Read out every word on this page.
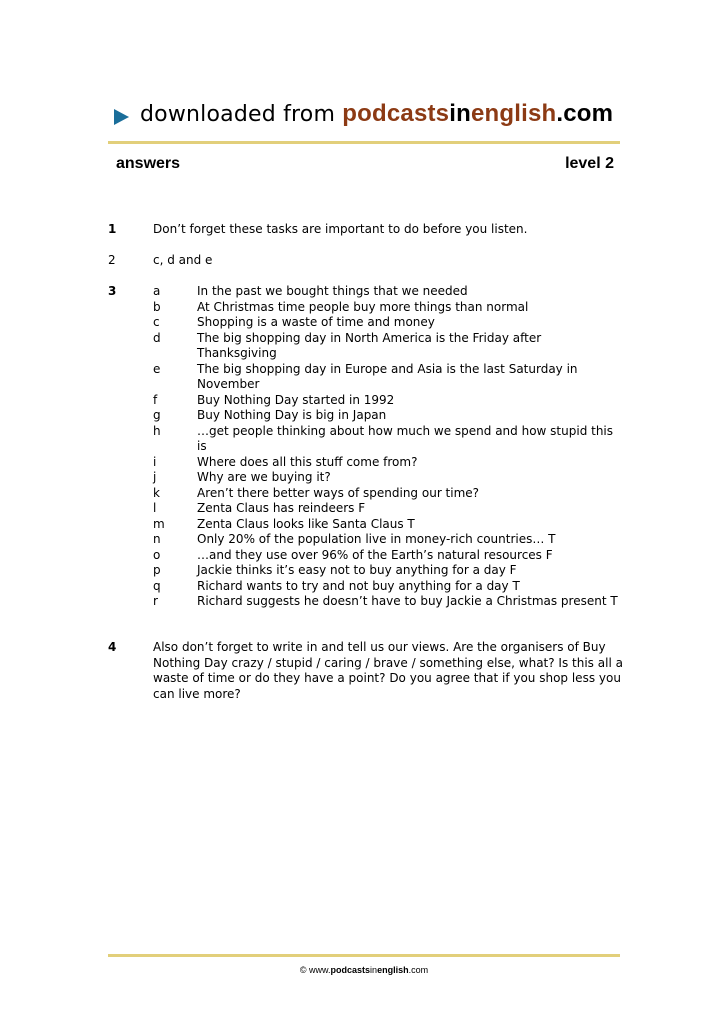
downloaded from podcastsinenglish.com
answers	level 2
1	Don’t forget these tasks are important to do before you listen.
2	c, d and e
3	a	In the past we bought things that we needed
b	At Christmas time people buy more things than normal
c	Shopping is a waste of time and money
d	The big shopping day in North America is the Friday after Thanksgiving
e	The big shopping day in Europe and Asia is the last Saturday in November
f	Buy Nothing Day started in 1992
g	Buy Nothing Day is big in Japan
h	…get people thinking about how much we spend and how stupid this is
i	Where does all this stuff come from?
j	Why are we buying it?
k	Aren’t there better ways of spending our time?
l	Zenta Claus has reindeers F
m	Zenta Claus looks like Santa Claus T
n	Only 20% of the population live in money-rich countries… T
o	…and they use over 96% of the Earth’s natural resources F
p	Jackie thinks it’s easy not to buy anything for a day F
q	Richard wants to try and not buy anything for a day T
r	Richard suggests he doesn’t have to buy Jackie a Christmas present T
4	Also don’t forget to write in and tell us our views. Are the organisers of Buy Nothing Day crazy / stupid / caring / brave / something else, what? Is this all a waste of time or do they have a point? Do you agree that if you shop less you can live more?
© www.podcastsinenglish.com
